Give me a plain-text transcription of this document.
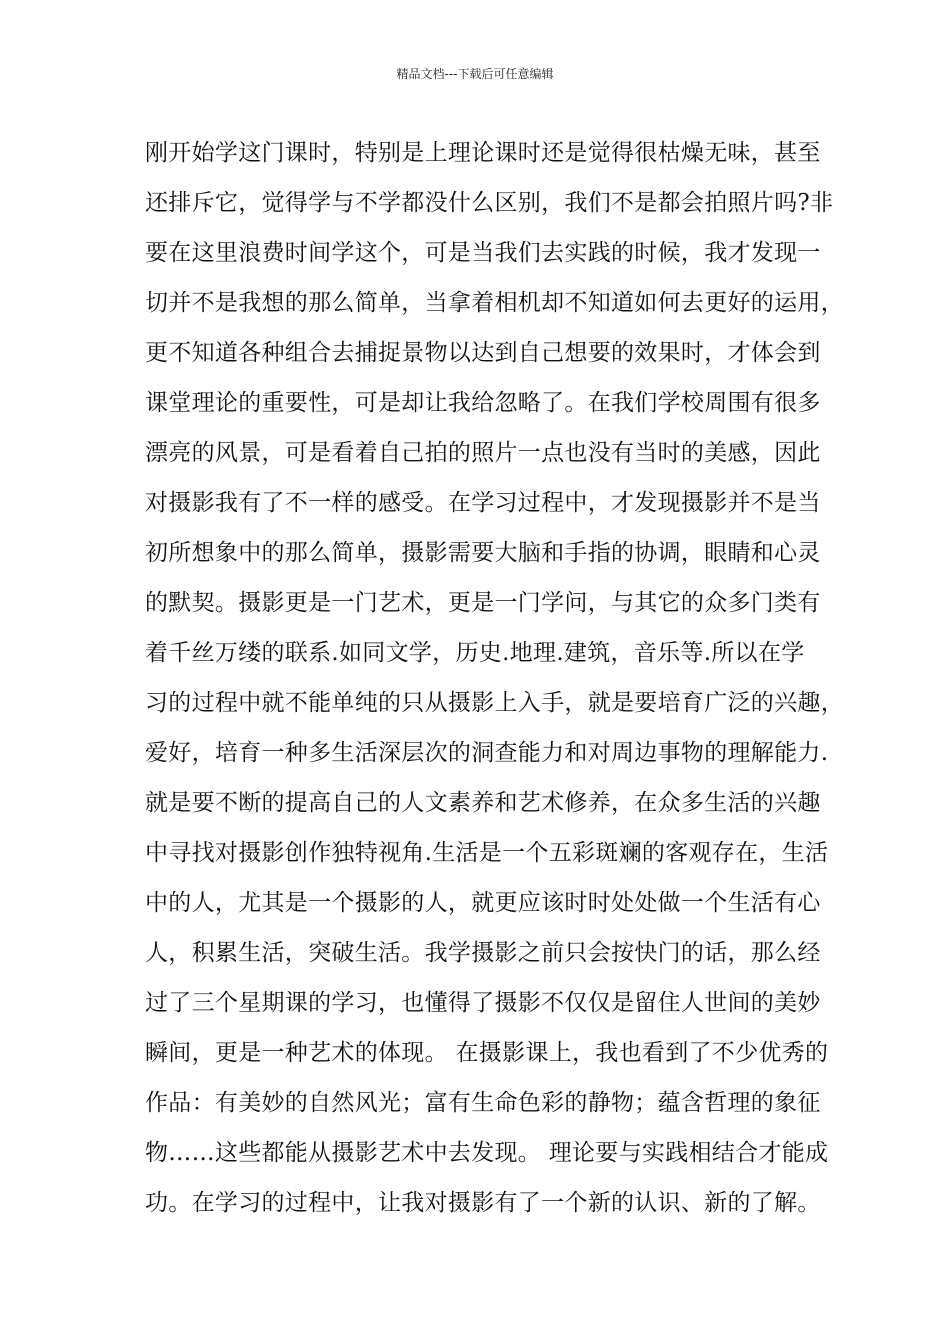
精品文档---下载后可任意编辑
刚开始学这门课时，特别是上理论课时还是觉得很枯燥无味，甚至
还排斥它，觉得学与不学都没什么区别，我们不是都会拍照片吗?非
要在这里浪费时间学这个，可是当我们去实践的时候，我才发现一
切并不是我想的那么简单，当拿着相机却不知道如何去更好的运用，
更不知道各种组合去捕捉景物以达到自己想要的效果时，才体会到
课堂理论的重要性，可是却让我给忽略了。在我们学校周围有很多
漂亮的风景，可是看着自己拍的照片一点也没有当时的美感，因此
对摄影我有了不一样的感受。在学习过程中，才发现摄影并不是当
初所想象中的那么简单，摄影需要大脑和手指的协调，眼睛和心灵
的默契。摄影更是一门艺术，更是一门学问，与其它的众多门类有
着千丝万缕的联系.如同文学，历史.地理.建筑，音乐等.所以在学
习的过程中就不能单纯的只从摄影上入手，就是要培育广泛的兴趣，
爱好，培育一种多生活深层次的洞查能力和对周边事物的理解能力.
就是要不断的提高自己的人文素养和艺术修养，在众多生活的兴趣
中寻找对摄影创作独特视角.生活是一个五彩斑斓的客观存在，生活
中的人，尤其是一个摄影的人，就更应该时时处处做一个生活有心
人，积累生活，突破生活。我学摄影之前只会按快门的话，那么经
过了三个星期课的学习，也懂得了摄影不仅仅是留住人世间的美妙
瞬间，更是一种艺术的体现。 在摄影课上，我也看到了不少优秀的
作品：有美妙的自然风光；富有生命色彩的静物；蕴含哲理的象征
物……这些都能从摄影艺术中去发现。 理论要与实践相结合才能成
功。在学习的过程中，让我对摄影有了一个新的认识、新的了解。
